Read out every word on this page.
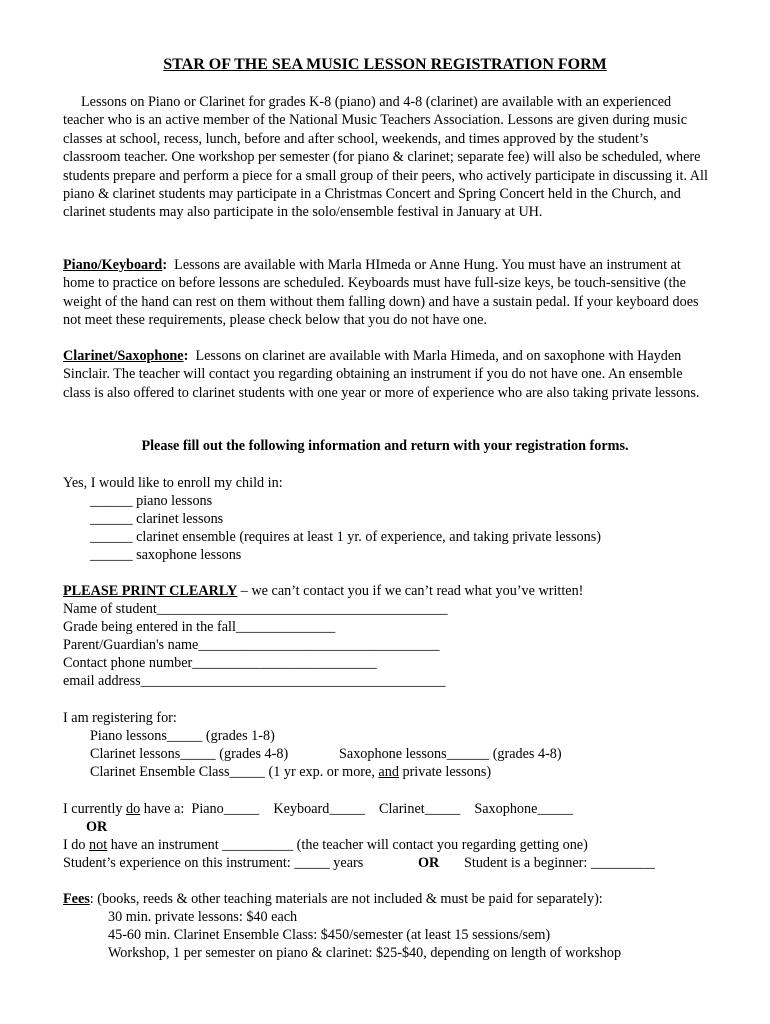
STAR OF THE SEA MUSIC LESSON REGISTRATION FORM
Lessons on Piano or Clarinet for grades K-8 (piano) and 4-8 (clarinet) are available with an experienced teacher who is an active member of the National Music Teachers Association. Lessons are given during music classes at school, recess, lunch, before and after school, weekends, and times approved by the student’s classroom teacher. One workshop per semester (for piano & clarinet; separate fee) will also be scheduled, where students prepare and perform a piece for a small group of their peers, who actively participate in discussing it. All piano & clarinet students may participate in a Christmas Concert and Spring Concert held in the Church, and clarinet students may also participate in the solo/ensemble festival in January at UH.
Piano/Keyboard: Lessons are available with Marla HImeda or Anne Hung. You must have an instrument at home to practice on before lessons are scheduled. Keyboards must have full-size keys, be touch-sensitive (the weight of the hand can rest on them without them falling down) and have a sustain pedal. If your keyboard does not meet these requirements, please check below that you do not have one.
Clarinet/Saxophone: Lessons on clarinet are available with Marla Himeda, and on saxophone with Hayden Sinclair. The teacher will contact you regarding obtaining an instrument if you do not have one. An ensemble class is also offered to clarinet students with one year or more of experience who are also taking private lessons.
Please fill out the following information and return with your registration forms.
Yes, I would like to enroll my child in:
______ piano lessons
______ clarinet lessons
______ clarinet ensemble (requires at least 1 yr. of experience, and taking private lessons)
______ saxophone lessons
PLEASE PRINT CLEARLY – we can’t contact you if we can’t read what you’ve written!
Name of student_________________________________________
Grade being entered in the fall______________
Parent/Guardian's name__________________________________
Contact phone number__________________________
email address___________________________________________
I am registering for:
Piano lessons_____ (grades 1-8)
Clarinet lessons_____ (grades 4-8)	Saxophone lessons______ (grades 4-8)
Clarinet Ensemble Class_____ (1 yr exp. or more, and private lessons)
I currently do have a:  Piano_____    Keyboard_____    Clarinet_____    Saxophone_____
OR
I do not have an instrument __________ (the teacher will contact you regarding getting one)
Student’s experience on this instrument: _____ years	OR Student is a beginner: _________
Fees: (books, reeds & other teaching materials are not included & must be paid for separately):
30 min. private lessons: $40 each
45-60 min. Clarinet Ensemble Class: $450/semester (at least 15 sessions/sem)
Workshop, 1 per semester on piano & clarinet: $25-$40, depending on length of workshop
